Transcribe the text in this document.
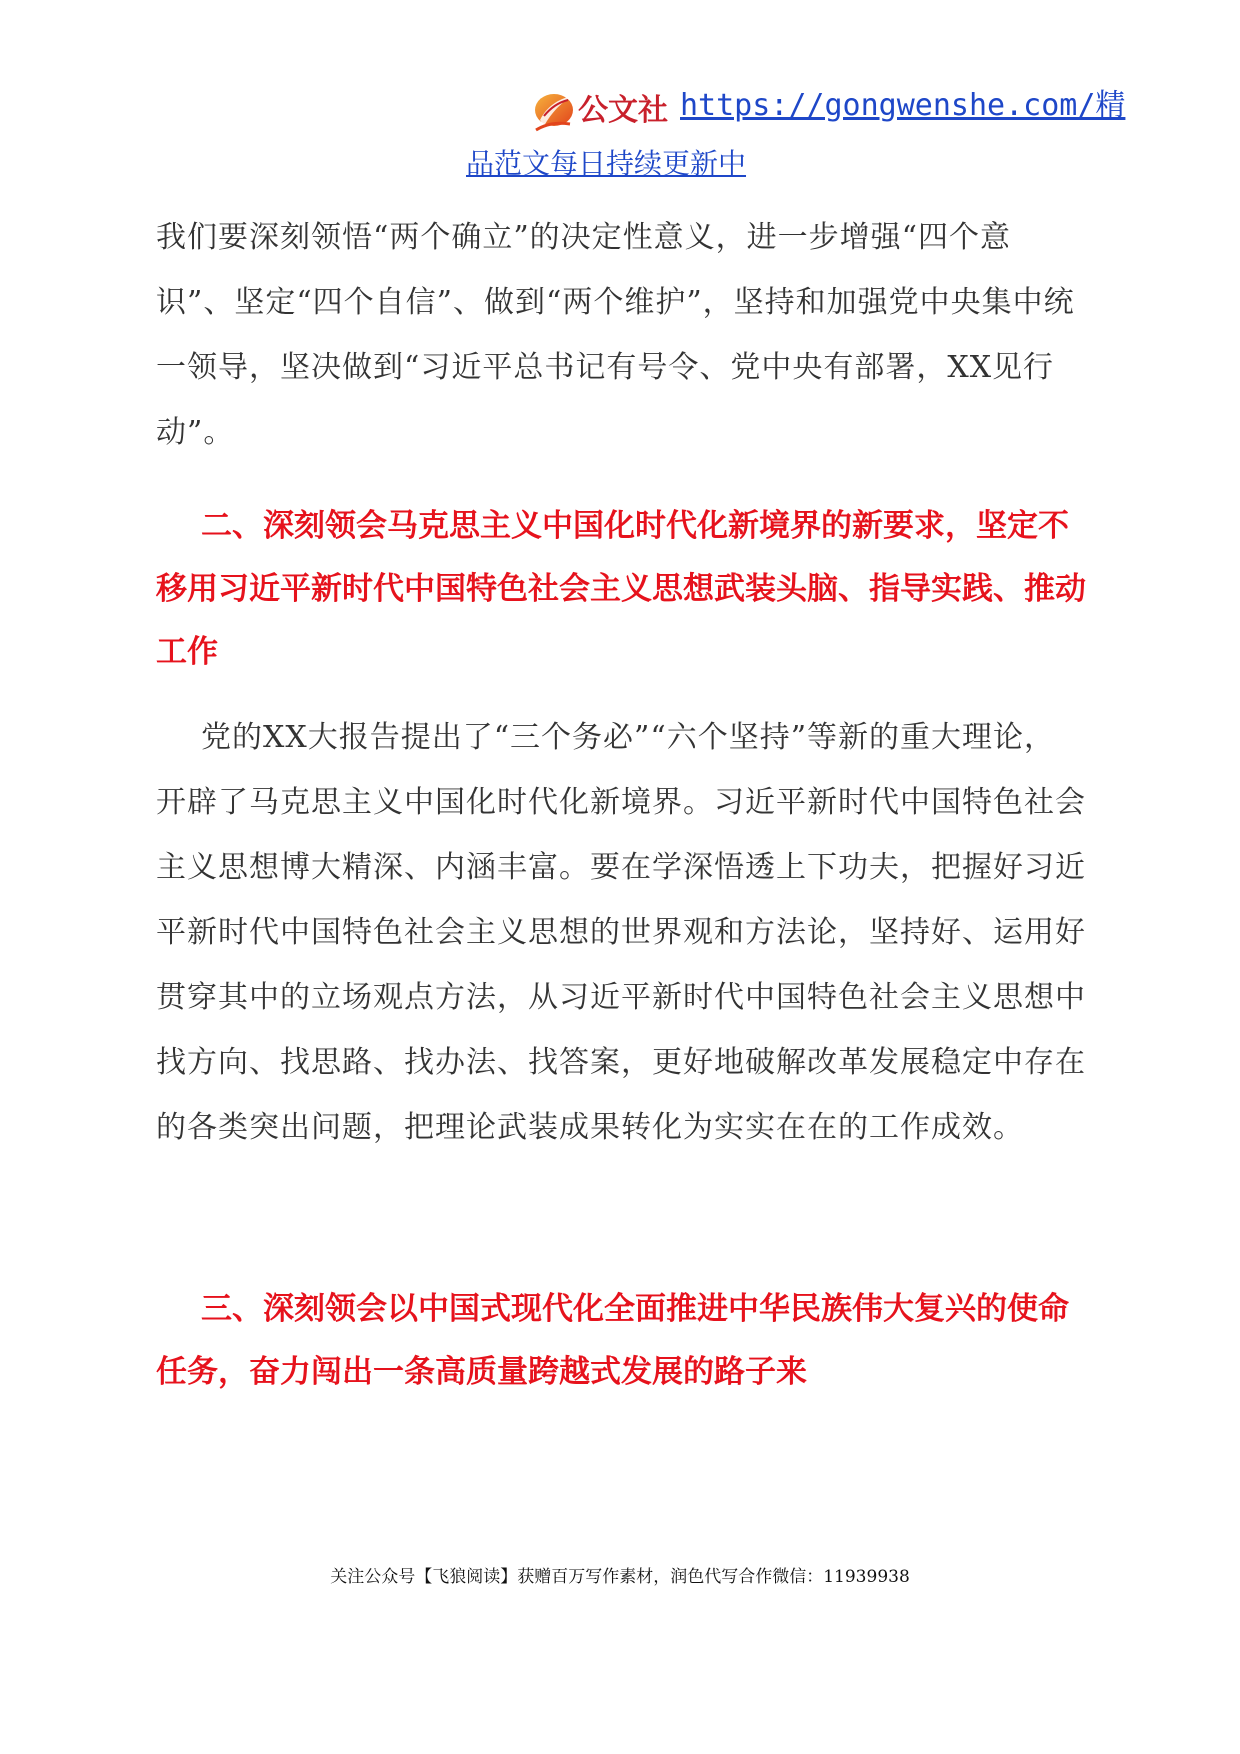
公文社 https://gongwenshe.com/精
品范文每日持续更新中

我们要深刻领悟“两个确立”的决定性意义，进一步增强“四个意识”、坚定“四个自信”、做到“两个维护”，坚持和加强党中央集中统一领导，坚决做到“习近平总书记有号令、党中央有部署，XX见行动”。

二、深刻领会马克思主义中国化时代化新境界的新要求，坚定不移用习近平新时代中国特色社会主义思想武装头脑、指导实践、推动工作

党的XX大报告提出了“三个务必”“六个坚持”等新的重大理论，开辟了马克思主义中国化时代化新境界。习近平新时代中国特色社会主义思想博大精深、内涵丰富。要在学深悟透上下功夫，把握好习近平新时代中国特色社会主义思想的世界观和方法论，坚持好、运用好贯穿其中的立场观点方法，从习近平新时代中国特色社会主义思想中找方向、找思路、找办法、找答案，更好地破解改革发展稳定中存在的各类突出问题，把理论武装成果转化为实实在在的工作成效。

三、深刻领会以中国式现代化全面推进中华民族伟大复兴的使命任务，奋力闯出一条高质量跨越式发展的路子来

关注公众号【飞狼阅读】获赠百万写作素材，润色代写合作微信：11939938
